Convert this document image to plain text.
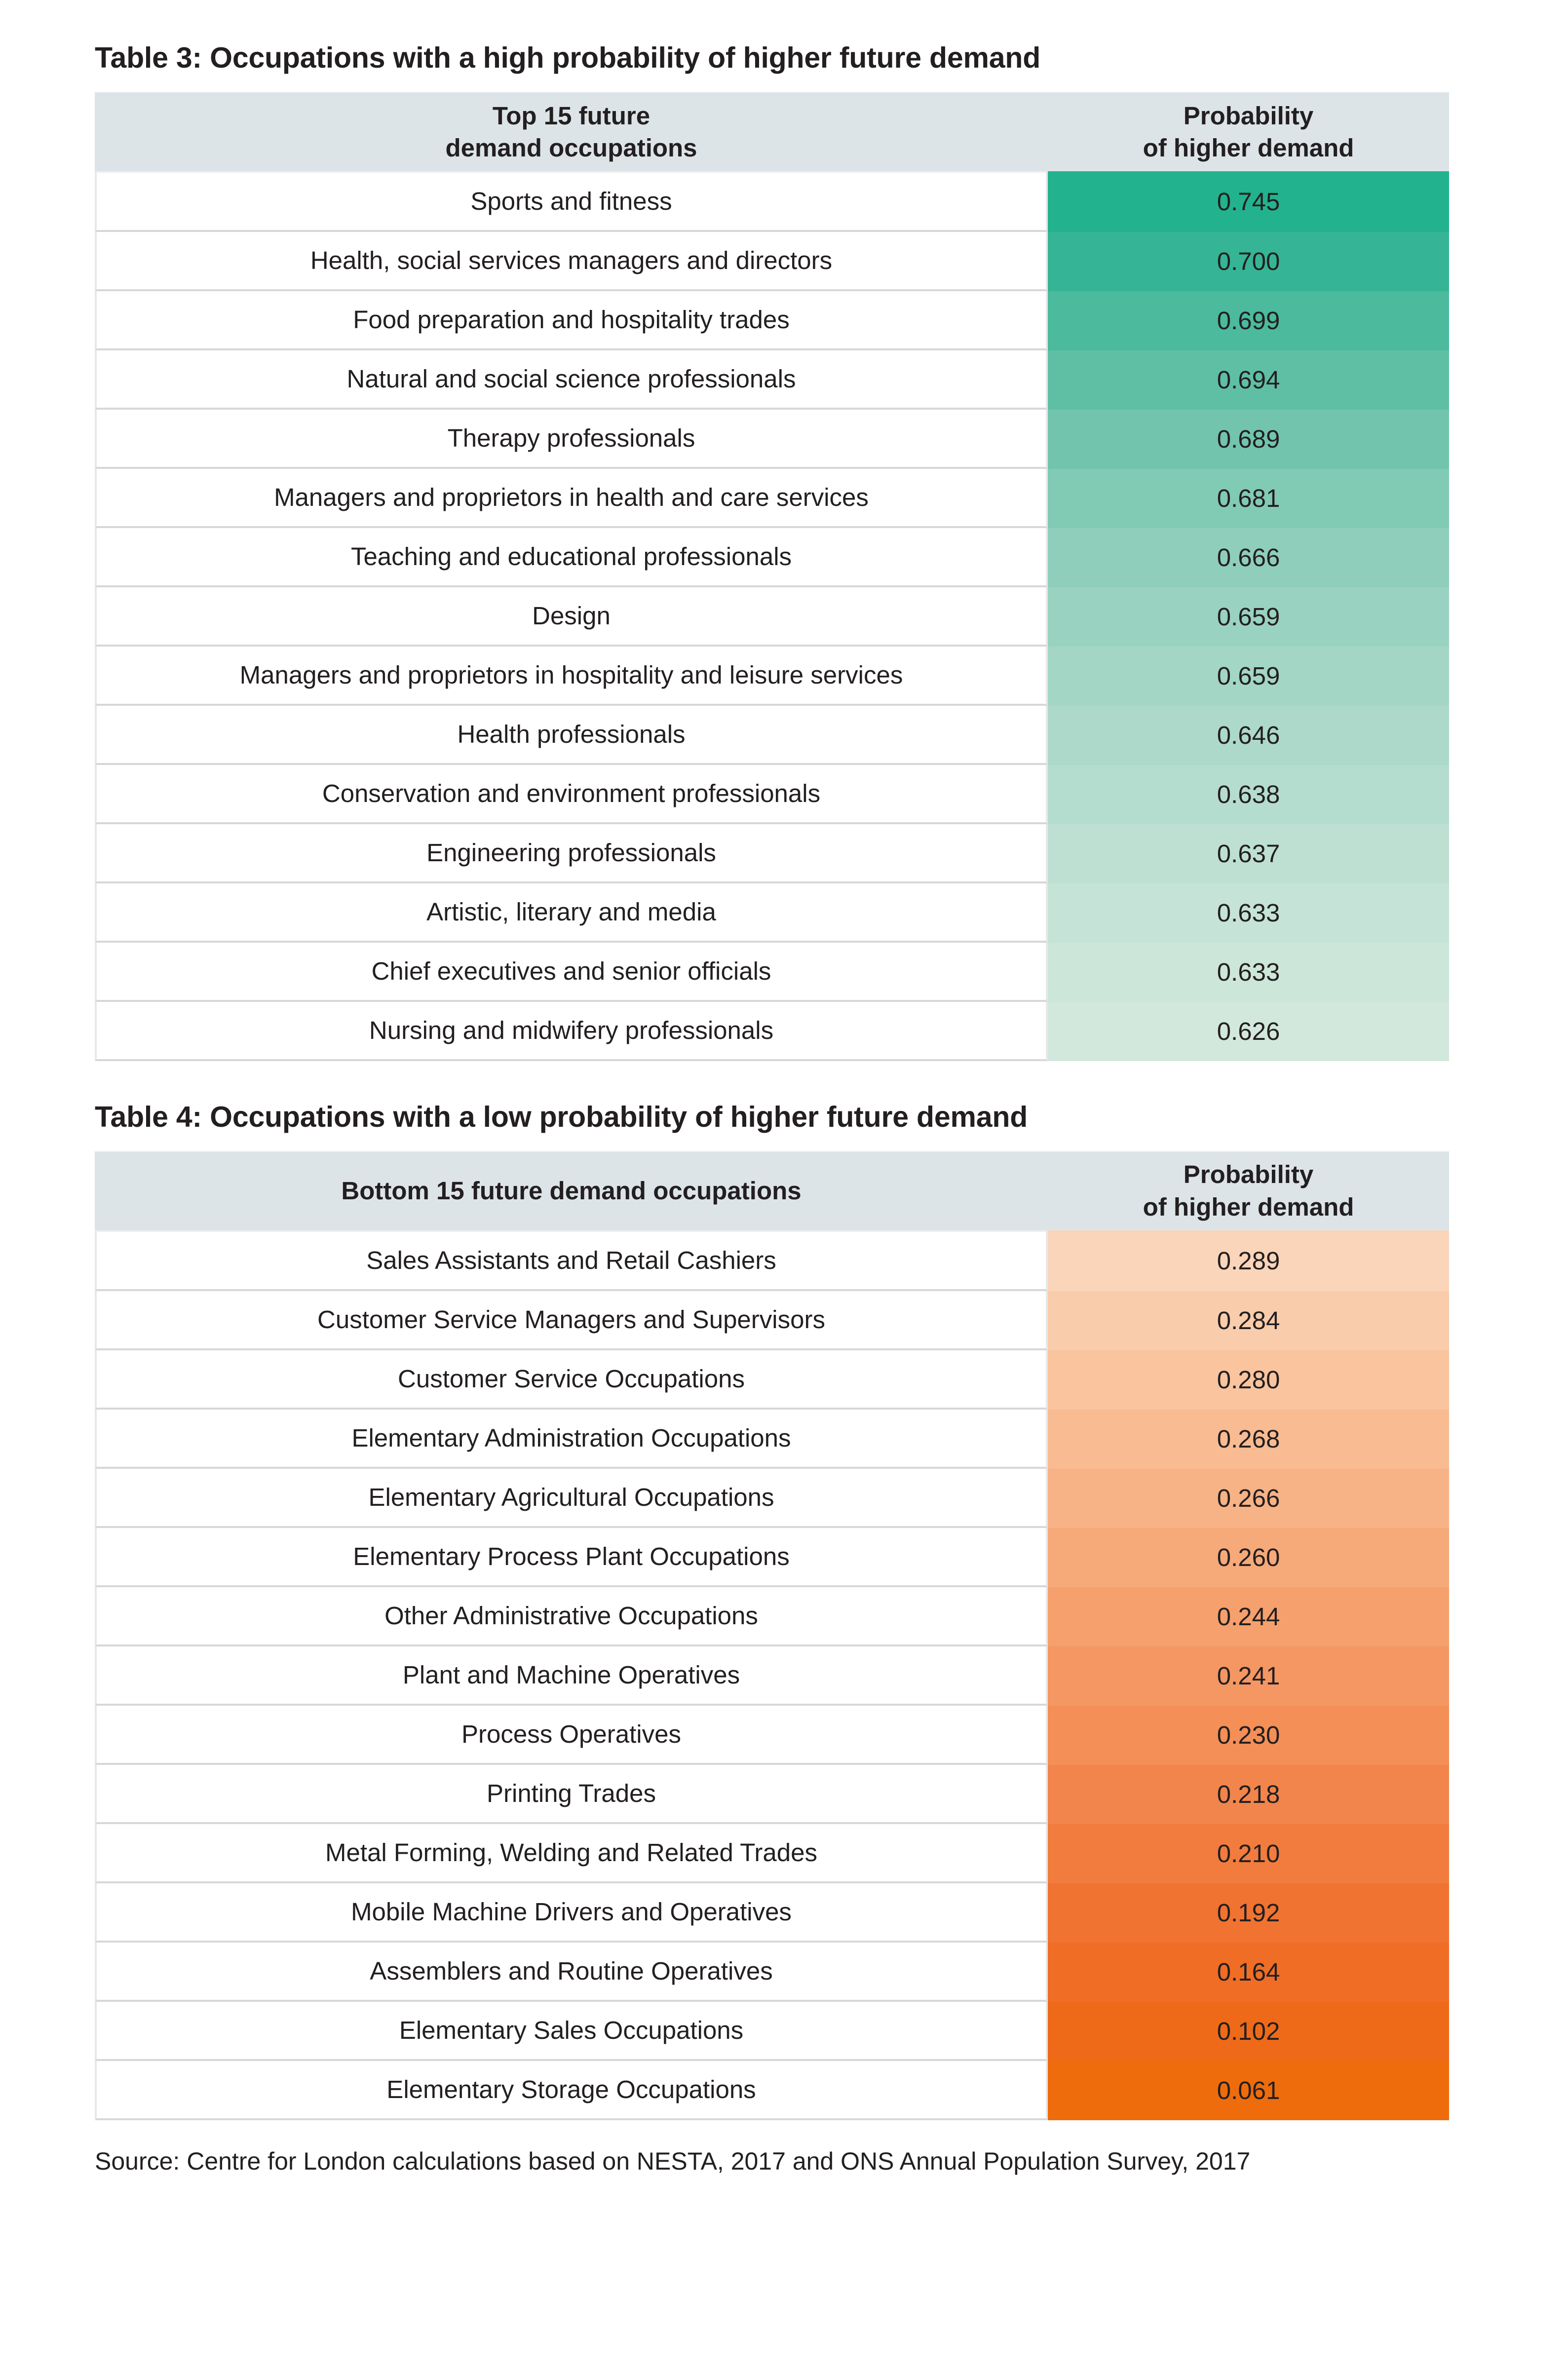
Table 3: Occupations with a high probability of higher future demand
Top 15 future
demand occupations	Probability
of higher demand
Sports and fitness	0.745
Health, social services managers and directors	0.700
Food preparation and hospitality trades	0.699
Natural and social science professionals	0.694
Therapy professionals	0.689
Managers and proprietors in health and care services	0.681
Teaching and educational professionals	0.666
Design	0.659
Managers and proprietors in hospitality and leisure services	0.659
Health professionals	0.646
Conservation and environment professionals	0.638
Engineering professionals	0.637
Artistic, literary and media	0.633
Chief executives and senior officials	0.633
Nursing and midwifery professionals	0.626
Table 4: Occupations with a low probability of higher future demand
Bottom 15 future demand occupations	Probability
of higher demand
Sales Assistants and Retail Cashiers	0.289
Customer Service Managers and Supervisors	0.284
Customer Service Occupations	0.280
Elementary Administration Occupations	0.268
Elementary Agricultural Occupations	0.266
Elementary Process Plant Occupations	0.260
Other Administrative Occupations	0.244
Plant and Machine Operatives	0.241
Process Operatives	0.230
Printing Trades	0.218
Metal Forming, Welding and Related Trades	0.210
Mobile Machine Drivers and Operatives	0.192
Assemblers and Routine Operatives	0.164
Elementary Sales Occupations	0.102
Elementary Storage Occupations	0.061
Source: Centre for London calculations based on NESTA, 2017 and ONS Annual Population Survey, 2017
